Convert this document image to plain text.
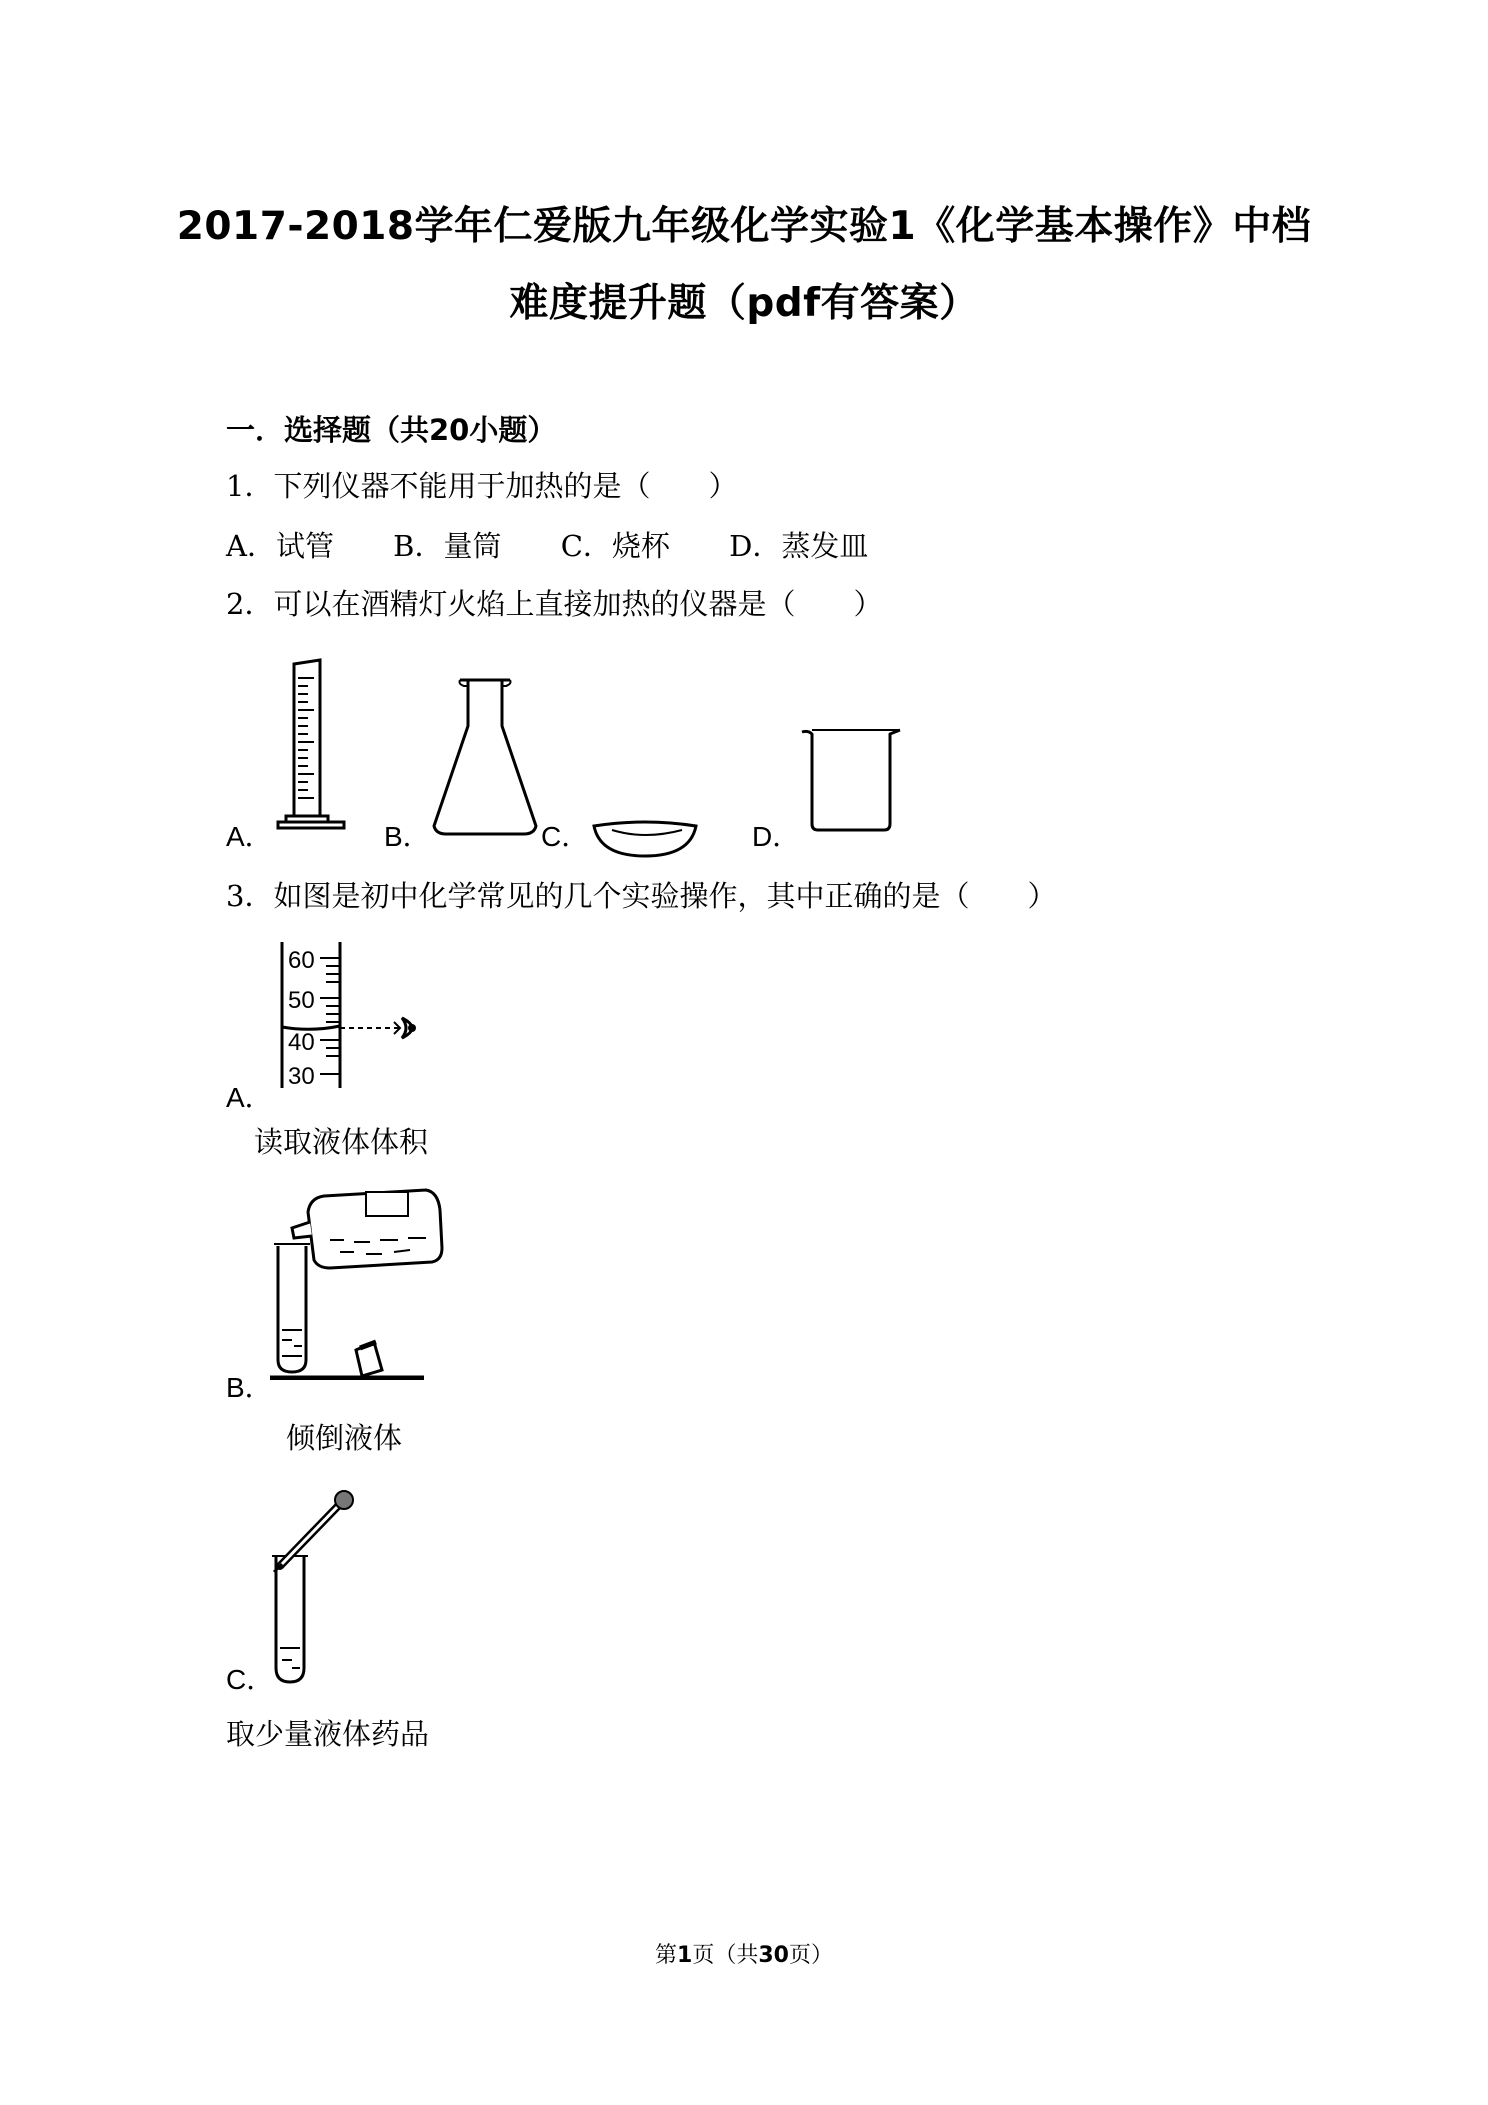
2017-2018学年仁爱版九年级化学实验1《化学基本操作》中档
难度提升题（pdf有答案）
一．选择题（共20小题）
1．下列仪器不能用于加热的是（　　）
A．试管 B．量筒 C．烧杯 D．蒸发皿
2．可以在酒精灯火焰上直接加热的仪器是（　　）
A．	B．	C．	D．
3．如图是初中化学常见的几个实验操作，其中正确的是（　　）
A．
60
50
40
30
读取液体体积
B．
倾倒液体
C．
取少量液体药品
第1页（共30页）
